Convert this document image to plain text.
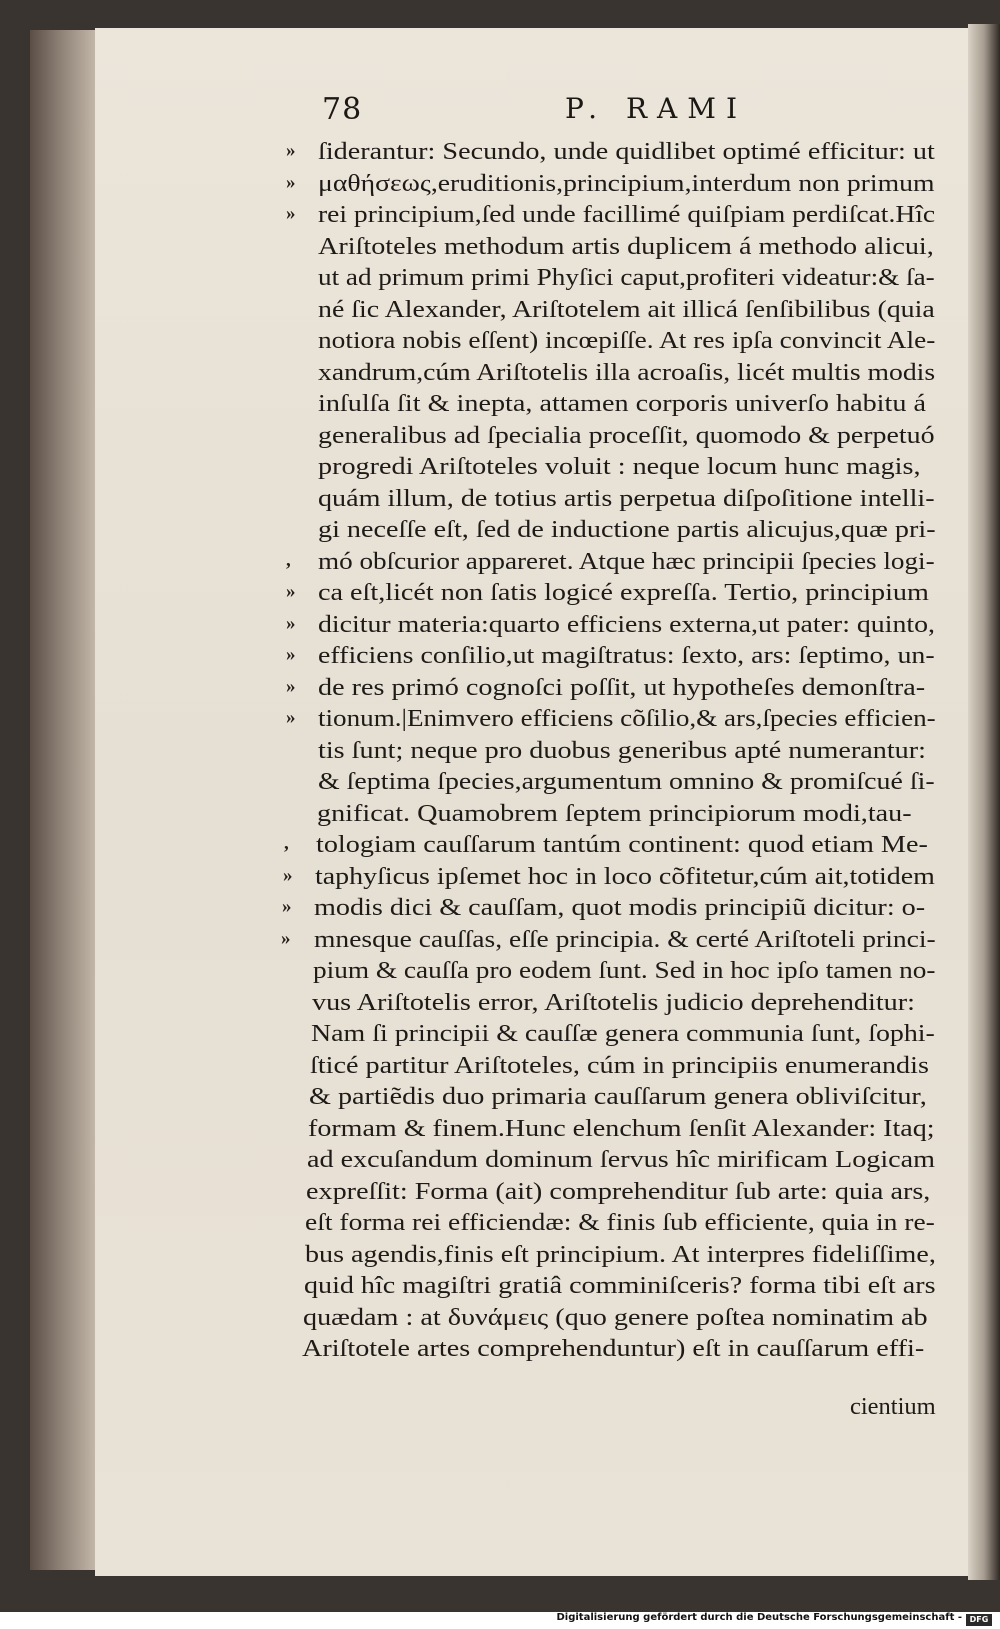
78	P. RAMI
ſiderantur: Secundo, unde quidlibet optimé efficitur: ut
»
μαθήσεως,eruditionis,principium,interdum non primum
»
rei principium,ſed unde facillimé quiſpiam perdiſcat.Hîc
»
Ariſtoteles methodum artis duplicem á methodo alicui,
ut ad primum primi Phyſici caput,profiteri videatur:& ſa-
né ſic Alexander, Ariſtotelem ait illicá ſenſibilibus (quia
notiora nobis eſſent) incœpiſſe. At res ipſa convincit Ale-
xandrum,cúm Ariſtotelis illa acroaſis, licét multis modis
inſulſa ſit & inepta, attamen corporis univerſo habitu á
generalibus ad ſpecialia proceſſit, quomodo & perpetuó
progredi Ariſtoteles voluit : neque locum hunc magis,
quám illum, de totius artis perpetua diſpoſitione intelli-
gi neceſſe eſt, ſed de inductione partis alicujus,quæ pri-
mó obſcurior appareret. Atque hæc principii ſpecies logi-
,
ca eſt,licét non ſatis logicé expreſſa. Tertio, principium
»
dicitur materia:quarto efficiens externa,ut pater: quinto,
»
efficiens conſilio,ut magiſtratus: ſexto, ars: ſeptimo, un-
»
de res primó cognoſci poſſit, ut hypotheſes demonſtra-
»
tionum.|Enimvero efficiens cõſilio,& ars,ſpecies efficien-
»
tis ſunt; neque pro duobus generibus apté numerantur:
& ſeptima ſpecies,argumentum omnino & promiſcué ſi-
gnificat. Quamobrem ſeptem principiorum modi,tau-
tologiam cauſſarum tantúm continent: quod etiam Me-
,
taphyſicus ipſemet hoc in loco cõfitetur,cúm ait,totidem
»
modis dici & cauſſam, quot modis principiũ dicitur: o-
»
mnesque cauſſas, eſſe principia. & certé Ariſtoteli princi-
»
pium & cauſſa pro eodem ſunt. Sed in hoc ipſo tamen no-
vus Ariſtotelis error, Ariſtotelis judicio deprehenditur:
Nam ſi principii & cauſſæ genera communia ſunt, ſophi-
ſticé partitur Ariſtoteles, cúm in principiis enumerandis
& partiẽdis duo primaria cauſſarum genera obliviſcitur,
formam & finem.Hunc elenchum ſenſit Alexander: Itaq;
ad excuſandum dominum ſervus hîc mirificam Logicam
expreſſit: Forma (ait) comprehenditur ſub arte: quia ars,
eſt forma rei efficiendæ: & finis ſub efficiente, quia in re-
bus agendis,finis eſt principium. At interpres fideliſſime,
quid hîc magiſtri gratiâ comminiſceris? forma tibi eſt ars
quædam : at δυνάμεις (quo genere poſtea nominatim ab
Ariſtotele artes comprehenduntur) eſt in cauſſarum effi-
cientium
Digitalisierung gefördert durch die Deutsche Forschungsgemeinschaft - DFG
